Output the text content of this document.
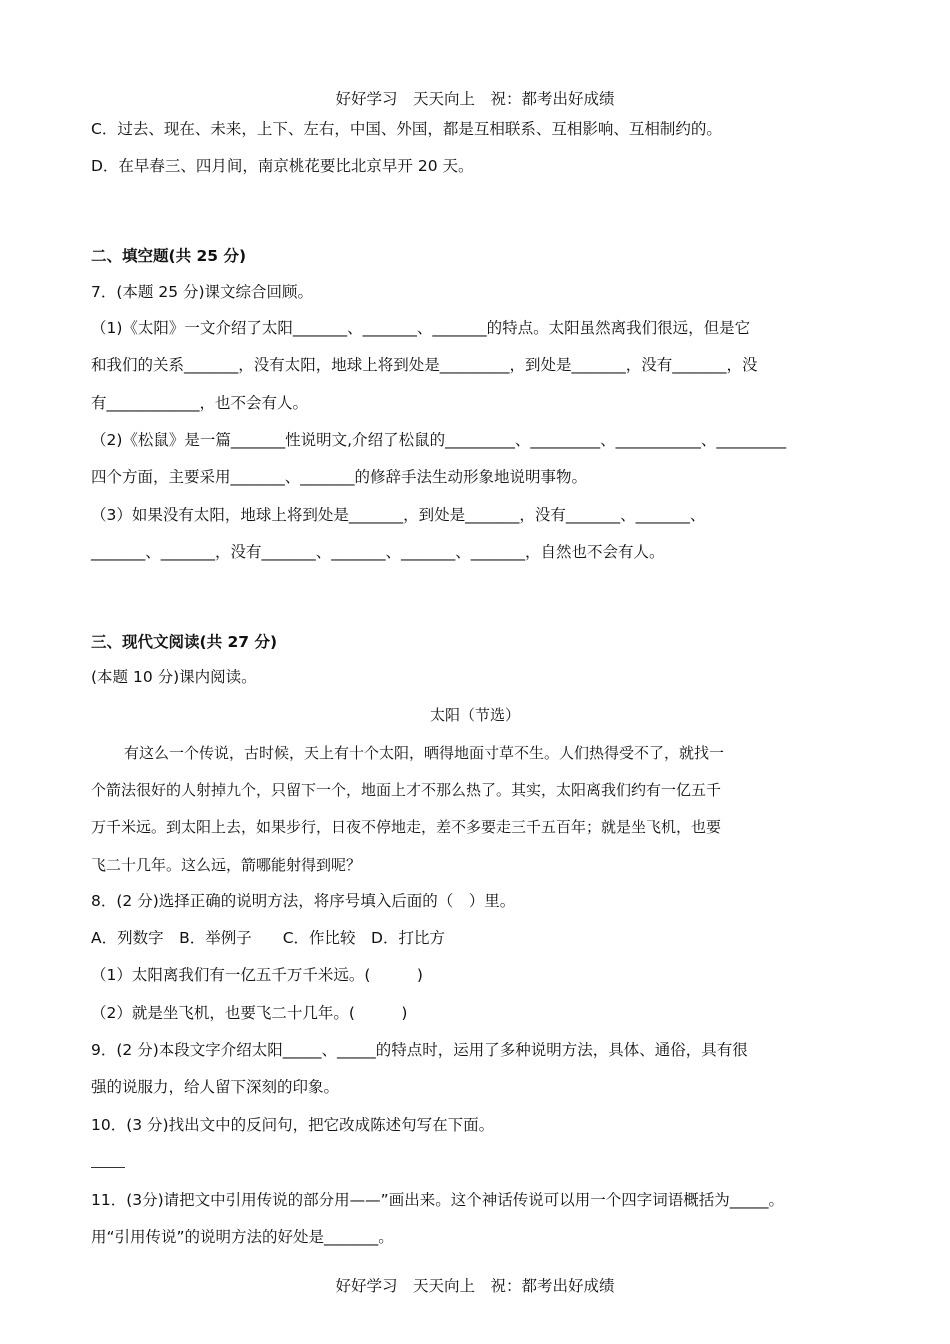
好好学习　天天向上　祝：都考出好成绩
C．过去、现在、未来，上下、左右，中国、外国，都是互相联系、互相影响、互相制约的。
D．在早春三、四月间，南京桃花要比北京早开 20 天。
二、填空题(共 25 分)
7．(本题 25 分)课文综合回顾。
（1)《太阳》一文介绍了太阳_______、_______、_______的特点。太阳虽然离我们很远，但是它
和我们的关系_______，没有太阳，地球上将到处是_________，到处是_______，没有_______，没
有____________，也不会有人。
（2)《松鼠》是一篇_______性说明文,介绍了松鼠的_________、_________、___________、_________
四个方面，主要采用_______、_______的修辞手法生动形象地说明事物。
（3）如果没有太阳，地球上将到处是_______，到处是_______，没有_______、_______、
_______、_______，没有_______、_______、_______、_______，自然也不会有人。
三、现代文阅读(共 27 分)
(本题 10 分)课内阅读。
太阳（节选）
有这么一个传说，古时候，天上有十个太阳，晒得地面寸草不生。人们热得受不了，就找一
个箭法很好的人射掉九个，只留下一个，地面上才不那么热了。其实，太阳离我们约有一亿五千
万千米远。到太阳上去，如果步行，日夜不停地走，差不多要走三千五百年；就是坐飞机，也要
飞二十几年。这么远，箭哪能射得到呢？
8．(2 分)选择正确的说明方法，将序号填入后面的（　）里。
A．列数字　B．举例子　　C．作比较　D．打比方
（1）太阳离我们有一亿五千万千米远。(　　　)
（2）就是坐飞机，也要飞二十几年。(　　　)
9．(2 分)本段文字介绍太阳_____、_____的特点时，运用了多种说明方法，具体、通俗，具有很
强的说服力，给人留下深刻的印象。
10．(3 分)找出文中的反问句，把它改成陈述句写在下面。
11．(3分)请把文中引用传说的部分用——”画出来。这个神话传说可以用一个四字词语概括为_____。
用“引用传说”的说明方法的好处是_______。
好好学习　天天向上　祝：都考出好成绩
